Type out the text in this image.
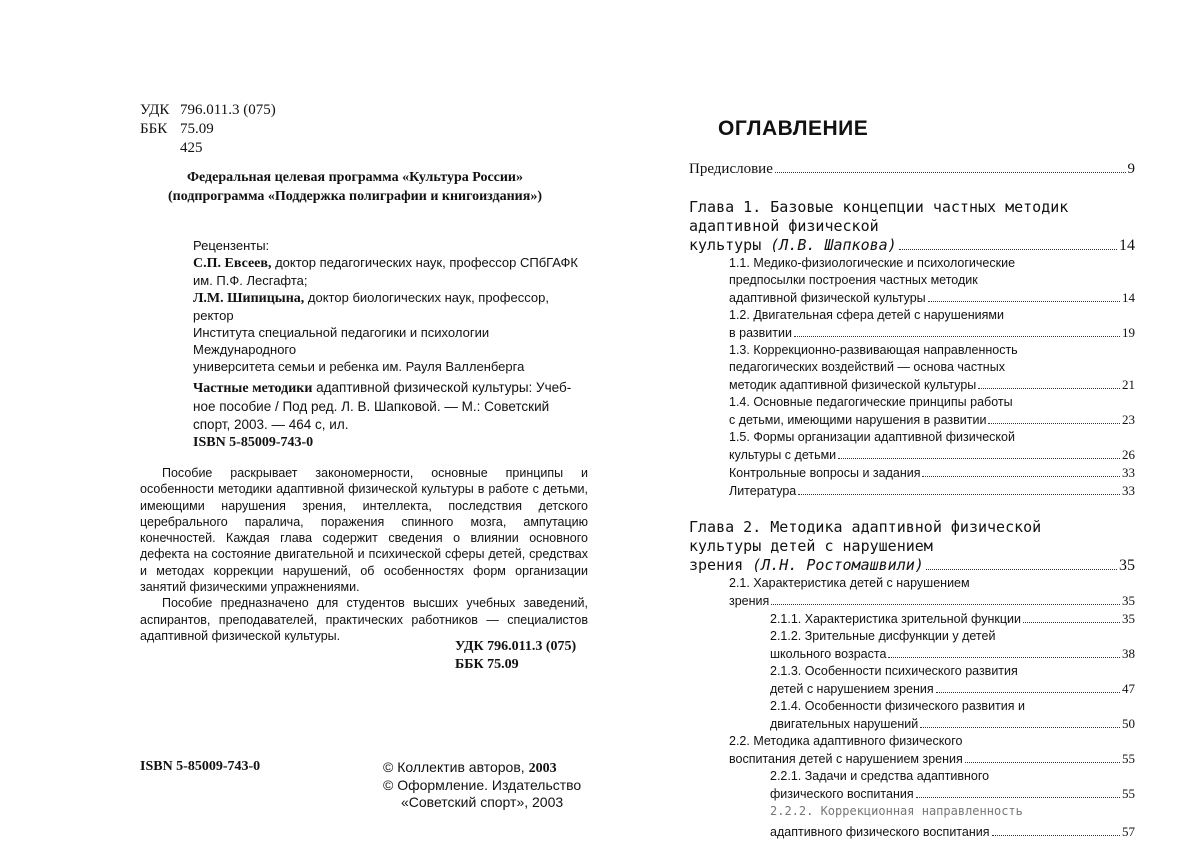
УДК 796.011.3 (075)
ББК 75.09
425
Федеральная целевая программа «Культура России»
(подпрограмма «Поддержка полиграфии и книгоиздания»)

Рецензенты:

С.П. Евсеев, доктор педагогических наук, профессор СПбГАФК

им. П.Ф. Лесгафта;

Л.М. Шипицына, доктор биологических наук, профессор, ректор

Института специальной педагогики и психологии Международного

университета семьи и ребенка им. Рауля Валленберга

Частные методики адаптивной физической культуры: Учеб-
ное пособие / Под ред. Л. В. Шапковой. — М.: Советский
спорт, 2003. — 464 с, ил.
ISBN 5-85009-743-0

Пособие раскрывает закономерности, основные принципы и особенности методики адаптивной физической культуры в работе с детьми, имеющими нарушения зрения, интеллекта, последствия детского церебрального паралича, поражения спинного мозга, ампутацию конечностей. Каждая глава содержит сведения о влиянии основного дефекта на состояние двигательной и психической сферы детей, средствах и методах коррекции нарушений, об особенностях форм организации занятий физическими упражнениями.

Пособие предназначено для студентов высших учебных заведений, аспирантов, преподавателей, практических работников — специалистов адаптивной физической культуры.

УДК 796.011.3 (075)
ББК 75.09
ISBN 5-85009-743-0	© Коллектив авторов, 2003
© Оформление. Издательство
«Советский спорт», 2003
ОГЛАВЛЕНИЕ
Предисловие	9
Глава 1. Базовые концепции частных методик
адаптивной физической
культуры (Л.В. Шапкова)	14
1.1. Медико-физиологические и психологические
предпосылки построения частных методик
адаптивной физической культуры	14
1.2. Двигательная сфера детей с нарушениями
в развитии	19
1.3. Коррекционно-развивающая направленность
педагогических воздействий — основа частных
методик адаптивной физической культуры	21
1.4. Основные педагогические принципы работы
с детьми, имеющими нарушения в развитии	23
1.5. Формы организации адаптивной физической
культуры с детьми	26
Контрольные вопросы и задания	33
Литература	33
Глава 2. Методика адаптивной физической
культуры детей с нарушением
зрения (Л.Н. Ростомашвили)	35
2.1. Характеристика детей с нарушением
зрения	35
2.1.1. Характеристика зрительной функции	35
2.1.2. Зрительные дисфункции у детей
школьного возраста	38
2.1.3. Особенности психического развития
детей с нарушением зрения	47
2.1.4. Особенности физического развития и
двигательных нарушений	50
2.2. Методика адаптивного физического
воспитания детей с нарушением зрения	55
2.2.1. Задачи и средства адаптивного
физического воспитания	55
2.2.2. Коррекционная направленность
адаптивного физического воспитания	57
